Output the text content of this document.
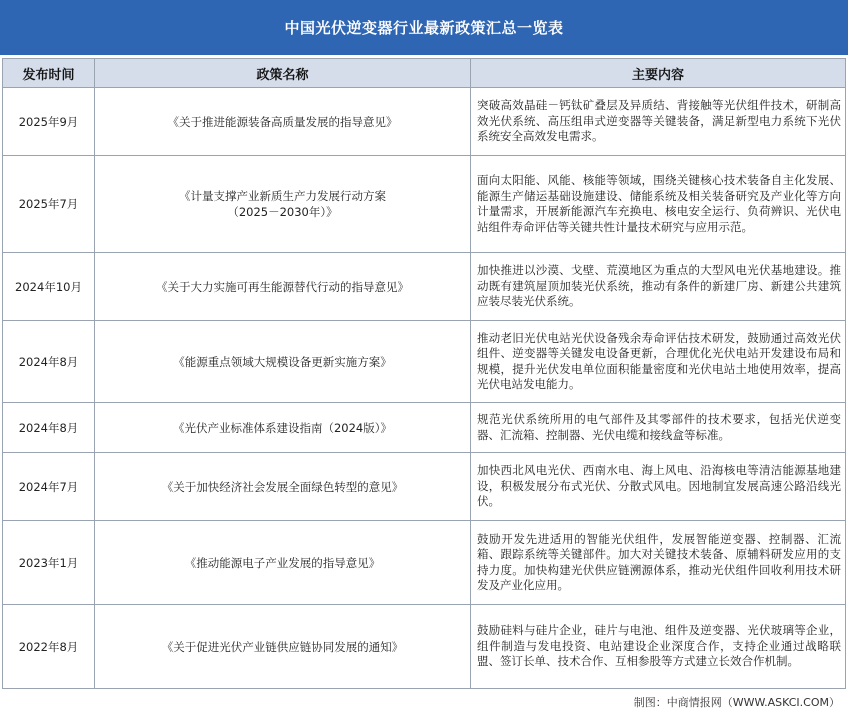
中国光伏逆变器行业最新政策汇总一览表
发布时间	政策名称	主要内容
2025年9月	《关于推进能源装备高质量发展的指导意见》	突破高效晶硅－钙钛矿叠层及异质结、背接触等光伏组件技术，研制高效光伏系统、高压组串式逆变器等关键装备，满足新型电力系统下光伏系统安全高效发电需求。
2025年7月	《计量支撑产业新质生产力发展行动方案
（2025－2030年）》	面向太阳能、风能、核能等领域，围绕关键核心技术装备自主化发展、能源生产储运基础设施建设、储能系统及相关装备研究及产业化等方向计量需求，开展新能源汽车充换电、核电安全运行、负荷辨识、光伏电站组件寿命评估等关键共性计量技术研究与应用示范。
2024年10月	《关于大力实施可再生能源替代行动的指导意见》	加快推进以沙漠、戈壁、荒漠地区为重点的大型风电光伏基地建设。推动既有建筑屋顶加装光伏系统，推动有条件的新建厂房、新建公共建筑应装尽装光伏系统。
2024年8月	《能源重点领域大规模设备更新实施方案》	推动老旧光伏电站光伏设备残余寿命评估技术研发，鼓励通过高效光伏组件、逆变器等关键发电设备更新，合理优化光伏电站开发建设布局和规模，提升光伏发电单位面积能量密度和光伏电站土地使用效率，提高光伏电站发电能力。
2024年8月	《光伏产业标准体系建设指南（2024版）》	规范光伏系统所用的电气部件及其零部件的技术要求，包括光伏逆变器、汇流箱、控制器、光伏电缆和接线盒等标准。
2024年7月	《关于加快经济社会发展全面绿色转型的意见》	加快西北风电光伏、西南水电、海上风电、沿海核电等清洁能源基地建设，积极发展分布式光伏、分散式风电。因地制宜发展高速公路沿线光伏。
2023年1月	《推动能源电子产业发展的指导意见》	鼓励开发先进适用的智能光伏组件，发展智能逆变器、控制器、汇流箱、跟踪系统等关键部件。加大对关键技术装备、原辅料研发应用的支持力度。加快构建光伏供应链溯源体系，推动光伏组件回收利用技术研发及产业化应用。
2022年8月	《关于促进光伏产业链供应链协同发展的通知》	鼓励硅料与硅片企业，硅片与电池、组件及逆变器、光伏玻璃等企业，组件制造与发电投资、电站建设企业深度合作，支持企业通过战略联盟、签订长单、技术合作、互相参股等方式建立长效合作机制。
制图：中商情报网（WWW.ASKCI.COM）
